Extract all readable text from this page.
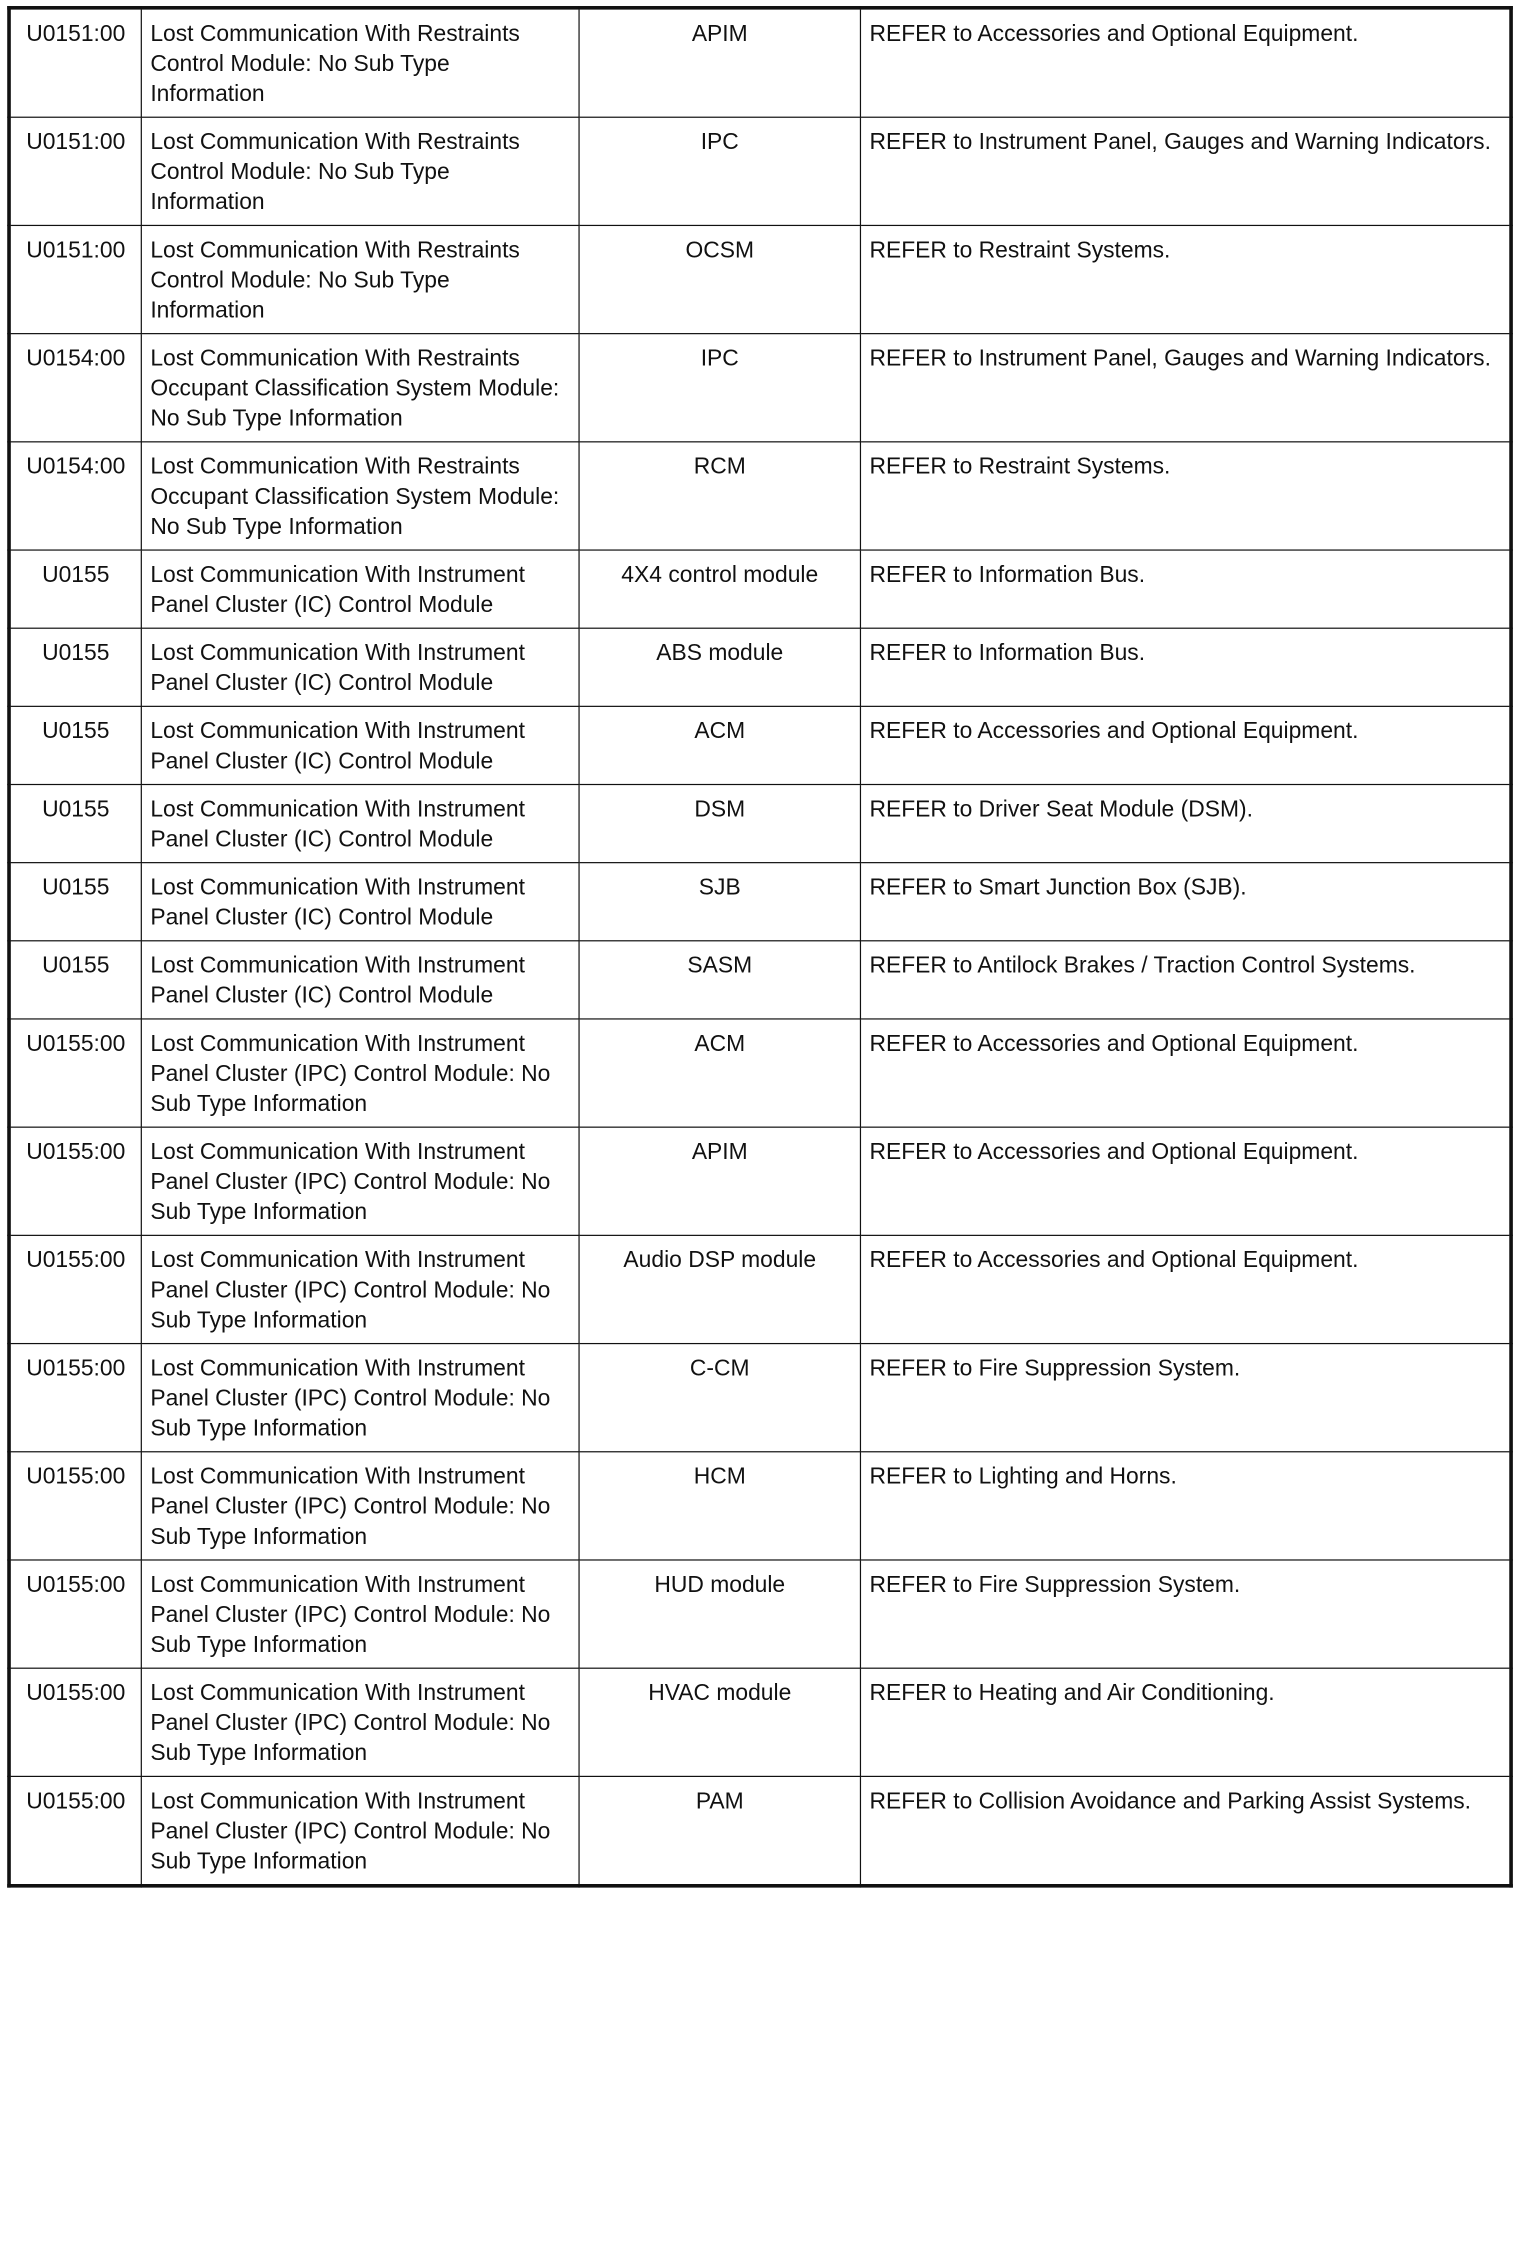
U0151:00	Lost Communication With Restraints Control Module: No Sub Type Information	APIM	REFER to Accessories and Optional Equipment.
U0151:00	Lost Communication With Restraints Control Module: No Sub Type Information	IPC	REFER to Instrument Panel, Gauges and Warning Indicators.
U0151:00	Lost Communication With Restraints Control Module: No Sub Type Information	OCSM	REFER to Restraint Systems.
U0154:00	Lost Communication With Restraints Occupant Classification System Module: No Sub Type Information	IPC	REFER to Instrument Panel, Gauges and Warning Indicators.
U0154:00	Lost Communication With Restraints Occupant Classification System Module: No Sub Type Information	RCM	REFER to Restraint Systems.
U0155	Lost Communication With Instrument Panel Cluster (IC) Control Module	4X4 control module	REFER to Information Bus.
U0155	Lost Communication With Instrument Panel Cluster (IC) Control Module	ABS module	REFER to Information Bus.
U0155	Lost Communication With Instrument Panel Cluster (IC) Control Module	ACM	REFER to Accessories and Optional Equipment.
U0155	Lost Communication With Instrument Panel Cluster (IC) Control Module	DSM	REFER to Driver Seat Module (DSM).
U0155	Lost Communication With Instrument Panel Cluster (IC) Control Module	SJB	REFER to Smart Junction Box (SJB).
U0155	Lost Communication With Instrument Panel Cluster (IC) Control Module	SASM	REFER to Antilock Brakes / Traction Control Systems.
U0155:00	Lost Communication With Instrument Panel Cluster (IPC) Control Module: No Sub Type Information	ACM	REFER to Accessories and Optional Equipment.
U0155:00	Lost Communication With Instrument Panel Cluster (IPC) Control Module: No Sub Type Information	APIM	REFER to Accessories and Optional Equipment.
U0155:00	Lost Communication With Instrument Panel Cluster (IPC) Control Module: No Sub Type Information	Audio DSP module	REFER to Accessories and Optional Equipment.
U0155:00	Lost Communication With Instrument Panel Cluster (IPC) Control Module: No Sub Type Information	C-CM	REFER to Fire Suppression System.
U0155:00	Lost Communication With Instrument Panel Cluster (IPC) Control Module: No Sub Type Information	HCM	REFER to Lighting and Horns.
U0155:00	Lost Communication With Instrument Panel Cluster (IPC) Control Module: No Sub Type Information	HUD module	REFER to Fire Suppression System.
U0155:00	Lost Communication With Instrument Panel Cluster (IPC) Control Module: No Sub Type Information	HVAC module	REFER to Heating and Air Conditioning.
U0155:00	Lost Communication With Instrument Panel Cluster (IPC) Control Module: No Sub Type Information	PAM	REFER to Collision Avoidance and Parking Assist Systems.
